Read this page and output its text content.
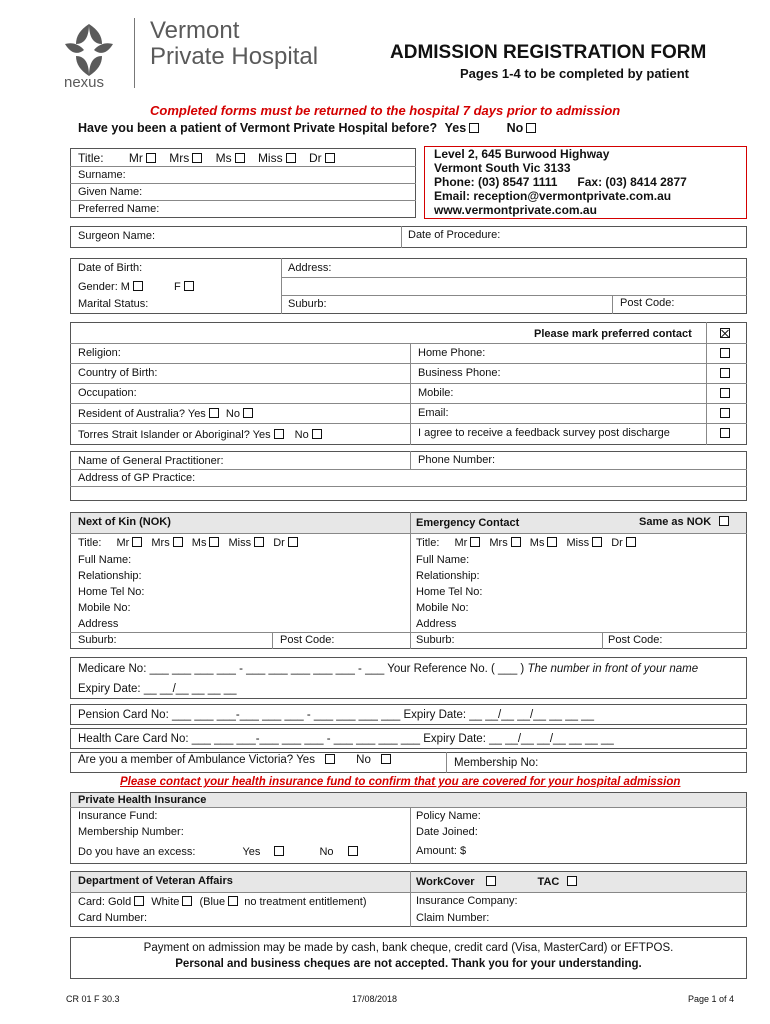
nexus
Vermont
Private Hospital	ADMISSION REGISTRATION FORM
Pages 1-4 to be completed by patient
Completed forms must be returned to the hospital 7 days prior to admission
Have you been a patient of Vermont Private Hospital before? Yes	No
Title: Mr Mrs Ms Miss Dr
Surname:
Given Name:
Preferred Name:
Level 2, 645 Burwood Highway
Vermont South Vic 3133
Phone: (03) 8547 1111      Fax: (03) 8414 2877
Email: reception@vermontprivate.com.au
www.vermontprivate.com.au
Surgeon Name:	Date of Procedure:
Date of Birth:	Address:
Gender: M	F
Marital Status:	Suburb:	Post Code:
Please mark preferred contact
Religion:	Home Phone:
Country of Birth:	Business Phone:
Occupation:	Mobile:
Resident of Australia? Yes No	Email:
Torres Strait Islander or Aboriginal? Yes No	I agree to receive a feedback survey post discharge
Name of General Practitioner:	Phone Number:
Address of GP Practice:
Next of Kin (NOK)	Emergency Contact	Same as NOK
Title: Mr Mrs Ms Miss Dr
Full Name:
Relationship:
Home Tel No:
Mobile No:
Address
Suburb:	Post Code:
Title: Mr Mrs Ms Miss Dr
Full Name:
Relationship:
Home Tel No:
Mobile No:
Address
Suburb:	Post Code:
Medicare No: ___ ___ ___ ___ - ___ ___ ___ ___ ___ - ___ Your Reference No. ( ___ ) The number in front of your name
Expiry Date: __ __/__ __ __ __
Pension Card No: ___ ___ ___-___ ___ ___ - ___ ___ ___ ___ Expiry Date: __ __/__ __/__ __ __ __
Health Care Card No: ___ ___ ___-___ ___ ___ - ___ ___ ___ ___ Expiry Date: __ __/__ __/__ __ __ __
Are you a member of Ambulance Victoria? Yes	No	Membership No:
Please contact your health insurance fund to confirm that you are covered for your hospital admission
Private Health Insurance
Insurance Fund:	Policy Name:
Membership Number:	Date Joined:
Do you have an excess:	Yes	No	Amount: $
Department of Veteran Affairs	WorkCover	TAC
Card: Gold White (Blue no treatment entitlement)
Card Number:
Insurance Company:
Claim Number:
Payment on admission may be made by cash, bank cheque, credit card (Visa, MasterCard) or EFTPOS.
Personal and business cheques are not accepted. Thank you for your understanding.
CR 01 F 30.3	17/08/2018	Page 1 of 4
